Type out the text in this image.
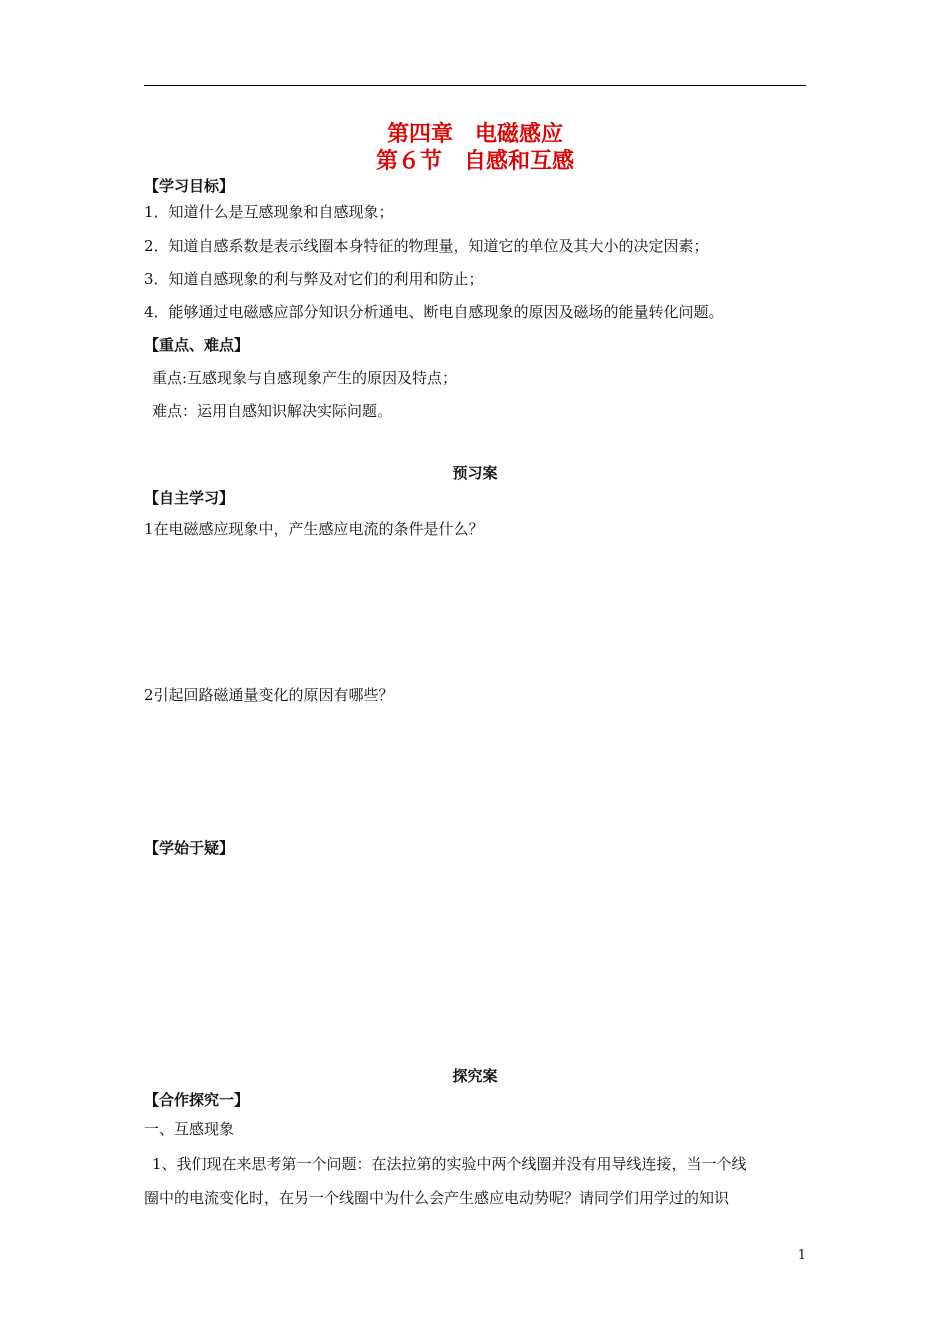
第四章　电磁感应
第６节　自感和互感
【学习目标】
1．知道什么是互感现象和自感现象；
2．知道自感系数是表示线圈本身特征的物理量，知道它的单位及其大小的决定因素；
3．知道自感现象的利与弊及对它们的利用和防止；
4．能够通过电磁感应部分知识分析通电、断电自感现象的原因及磁场的能量转化问题。
【重点、难点】
重点:互感现象与自感现象产生的原因及特点；
难点：运用自感知识解决实际问题。
预习案
【自主学习】
1在电磁感应现象中，产生感应电流的条件是什么？
2引起回路磁通量变化的原因有哪些？
【学始于疑】
探究案
【合作探究一】
一、互感现象
1、我们现在来思考第一个问题：在法拉第的实验中两个线圈并没有用导线连接，当一个线
圈中的电流变化时，在另一个线圈中为什么会产生感应电动势呢？请同学们用学过的知识
1
